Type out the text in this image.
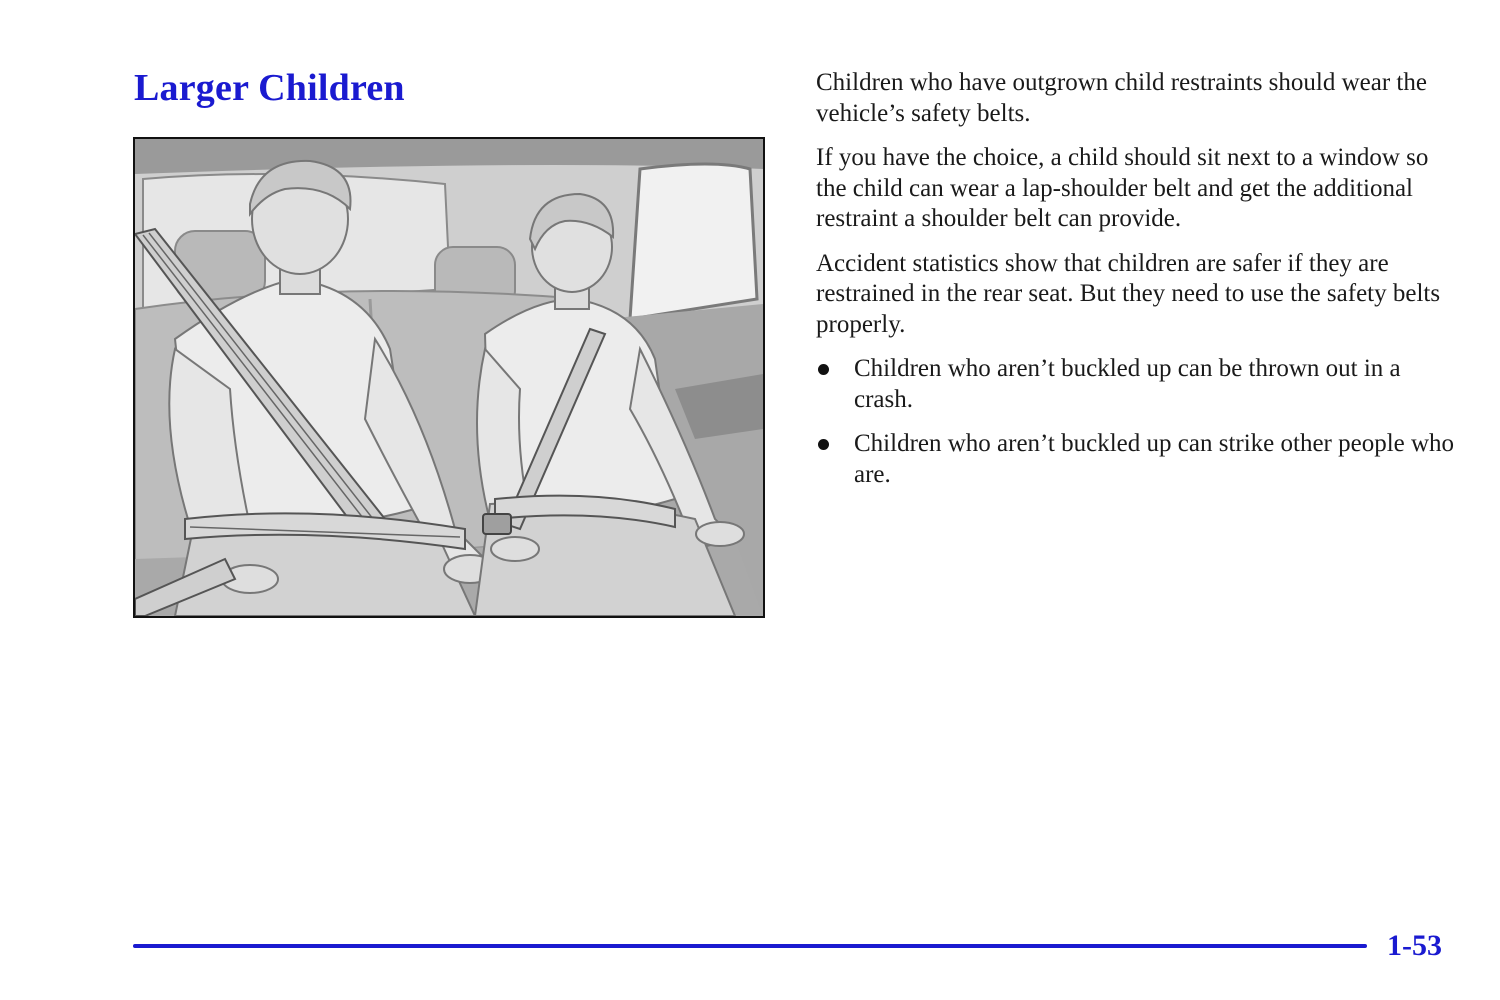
Larger Children	Children who have outgrown child restraints should wear the vehicle’s safety belts.

If you have the choice, a child should sit next to a window so the child can wear a lap-shoulder belt and get the additional restraint a shoulder belt can provide.

Accident statistics show that children are safer if they are restrained in the rear seat. But they need to use the safety belts properly.

Children who aren’t buckled up can be thrown out in a crash.
Children who aren’t buckled up can strike other people who are.
1-53
